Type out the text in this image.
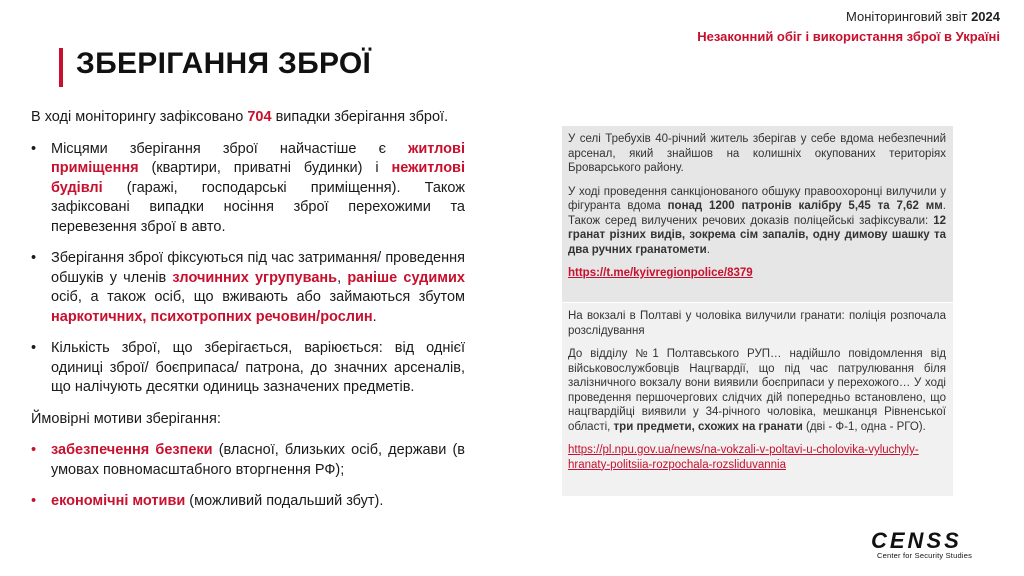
Моніторинговий звіт 2024
Незаконний обіг і використання зброї в Україні
ЗБЕРІГАННЯ ЗБРОЇ

В ході моніторингу зафіксовано 704 випадки зберігання зброї.

• Місцями зберігання зброї найчастіше є житлові приміщення (квартири, приватні будинки) і нежитлові будівлі (гаражі, господарські приміщення). Також зафіксовані випадки носіння зброї перехожими та перевезення зброї в авто.
• Зберігання зброї фіксуються під час затримання/ проведення обшуків у членів злочинних угрупувань, раніше судимих осіб, а також осіб, що вживають або займаються збутом наркотичних, психотропних речовин/рослин.
• Кількість зброї, що зберігається, варіюється: від однієї одиниці зброї/ боєприпаса/ патрона, до значних арсеналів, що налічують десятки одиниць зазначених предметів.

Ймовірні мотиви зберігання:

• забезпечення безпеки (власної, близьких осіб, держави (в умовах повномасштабного вторгнення РФ);
• економічні мотиви (можливий подальший збут).

У селі Требухів 40-річний житель зберігав у себе вдома небезпечний арсенал, який знайшов на колишніх окупованих територіях Броварського району.

У ході проведення санкціонованого обшуку правоохоронці вилучили у фігуранта вдома понад 1200 патронів калібру 5,45 та 7,62 мм. Також серед вилучених речових доказів поліцейські зафіксували: 12 гранат різних видів, зокрема сім запалів, одну димову шашку та два ручних гранатомети.

https://t.me/kyivregionpolice/8379

На вокзалі в Полтаві у чоловіка вилучили гранати: поліція розпочала розслідування

До відділу №1 Полтавського РУП… надійшло повідомлення від військовослужбовців Нацгвардії, що під час патрулювання біля залізничного вокзалу вони виявили боєприпаси у перехожого… У ході проведення першочергових слідчих дій попередньо встановлено, що нацгвардійці виявили у 34-річного чоловіка, мешканця Рівненської області, три предмети, схожих на гранати (дві - Ф-1, одна - РГО).

https://pl.npu.gov.ua/news/na-vokzali-v-poltavi-u-cholovika-vyluchyly-hranaty-politsiia-rozpochala-rozsliduvannia

CENSS
Center for Security Studies
